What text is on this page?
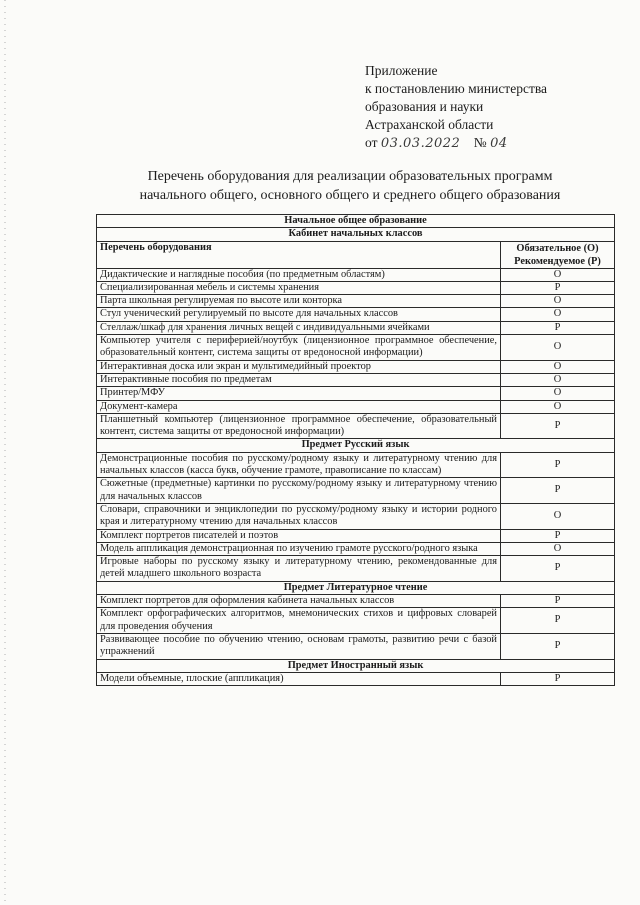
Приложение
к постановлению министерства
образования и науки
Астраханской области
от 03.03.2022 № 04
Перечень оборудования для реализации образовательных программ
начального общего, основного общего и среднего общего образования
Начальное общее образование	
Кабинет начальных классов	
Перечень оборудования	Обязательное (О)
Рекомендуемое (Р)

Дидактические и наглядные пособия (по предметным областям)	О
Специализированная мебель и системы хранения	Р
Парта школьная регулируемая по высоте или конторка	О
Стул ученический регулируемый по высоте для начальных классов	О
Стеллаж/шкаф для хранения личных вещей с индивидуальными ячейками	Р
Компьютер учителя с периферией/ноутбук (лицензионное программное обеспечение, образовательный контент, система защиты от вредоносной информации)	О
Интерактивная доска или экран и мультимедийный проектор	О
Интерактивные пособия по предметам	О
Принтер/МФУ	О
Документ-камера	О
Планшетный компьютер (лицензионное программное обеспечение, образовательный контент, система защиты от вредоносной информации)	Р
Предмет Русский язык	
Демонстрационные пособия по русскому/родному языку и литературному чтению для начальных классов (касса букв, обучение грамоте, правописание по классам)	Р
Сюжетные (предметные) картинки по русскому/родному языку и литературному чтению для начальных классов	Р
Словари, справочники и энциклопедии по русскому/родному языку и истории родного края и литературному чтению для начальных классов	О
Комплект портретов писателей и поэтов	Р
Модель аппликация демонстрационная по изучению грамоте русского/родного языка	О
Игровые наборы по русскому языку и литературному чтению, рекомендованные для детей младшего школьного возраста	Р
Предмет Литературное чтение	
Комплект портретов для оформления кабинета начальных классов	Р
Комплект орфографических алгоритмов, мнемонических стихов и цифровых словарей для проведения обучения	Р
Развивающее пособие по обучению чтению, основам грамоты, развитию речи с базой упражнений	Р
Предмет Иностранный язык	
Модели объемные, плоские (аппликация)	Р
